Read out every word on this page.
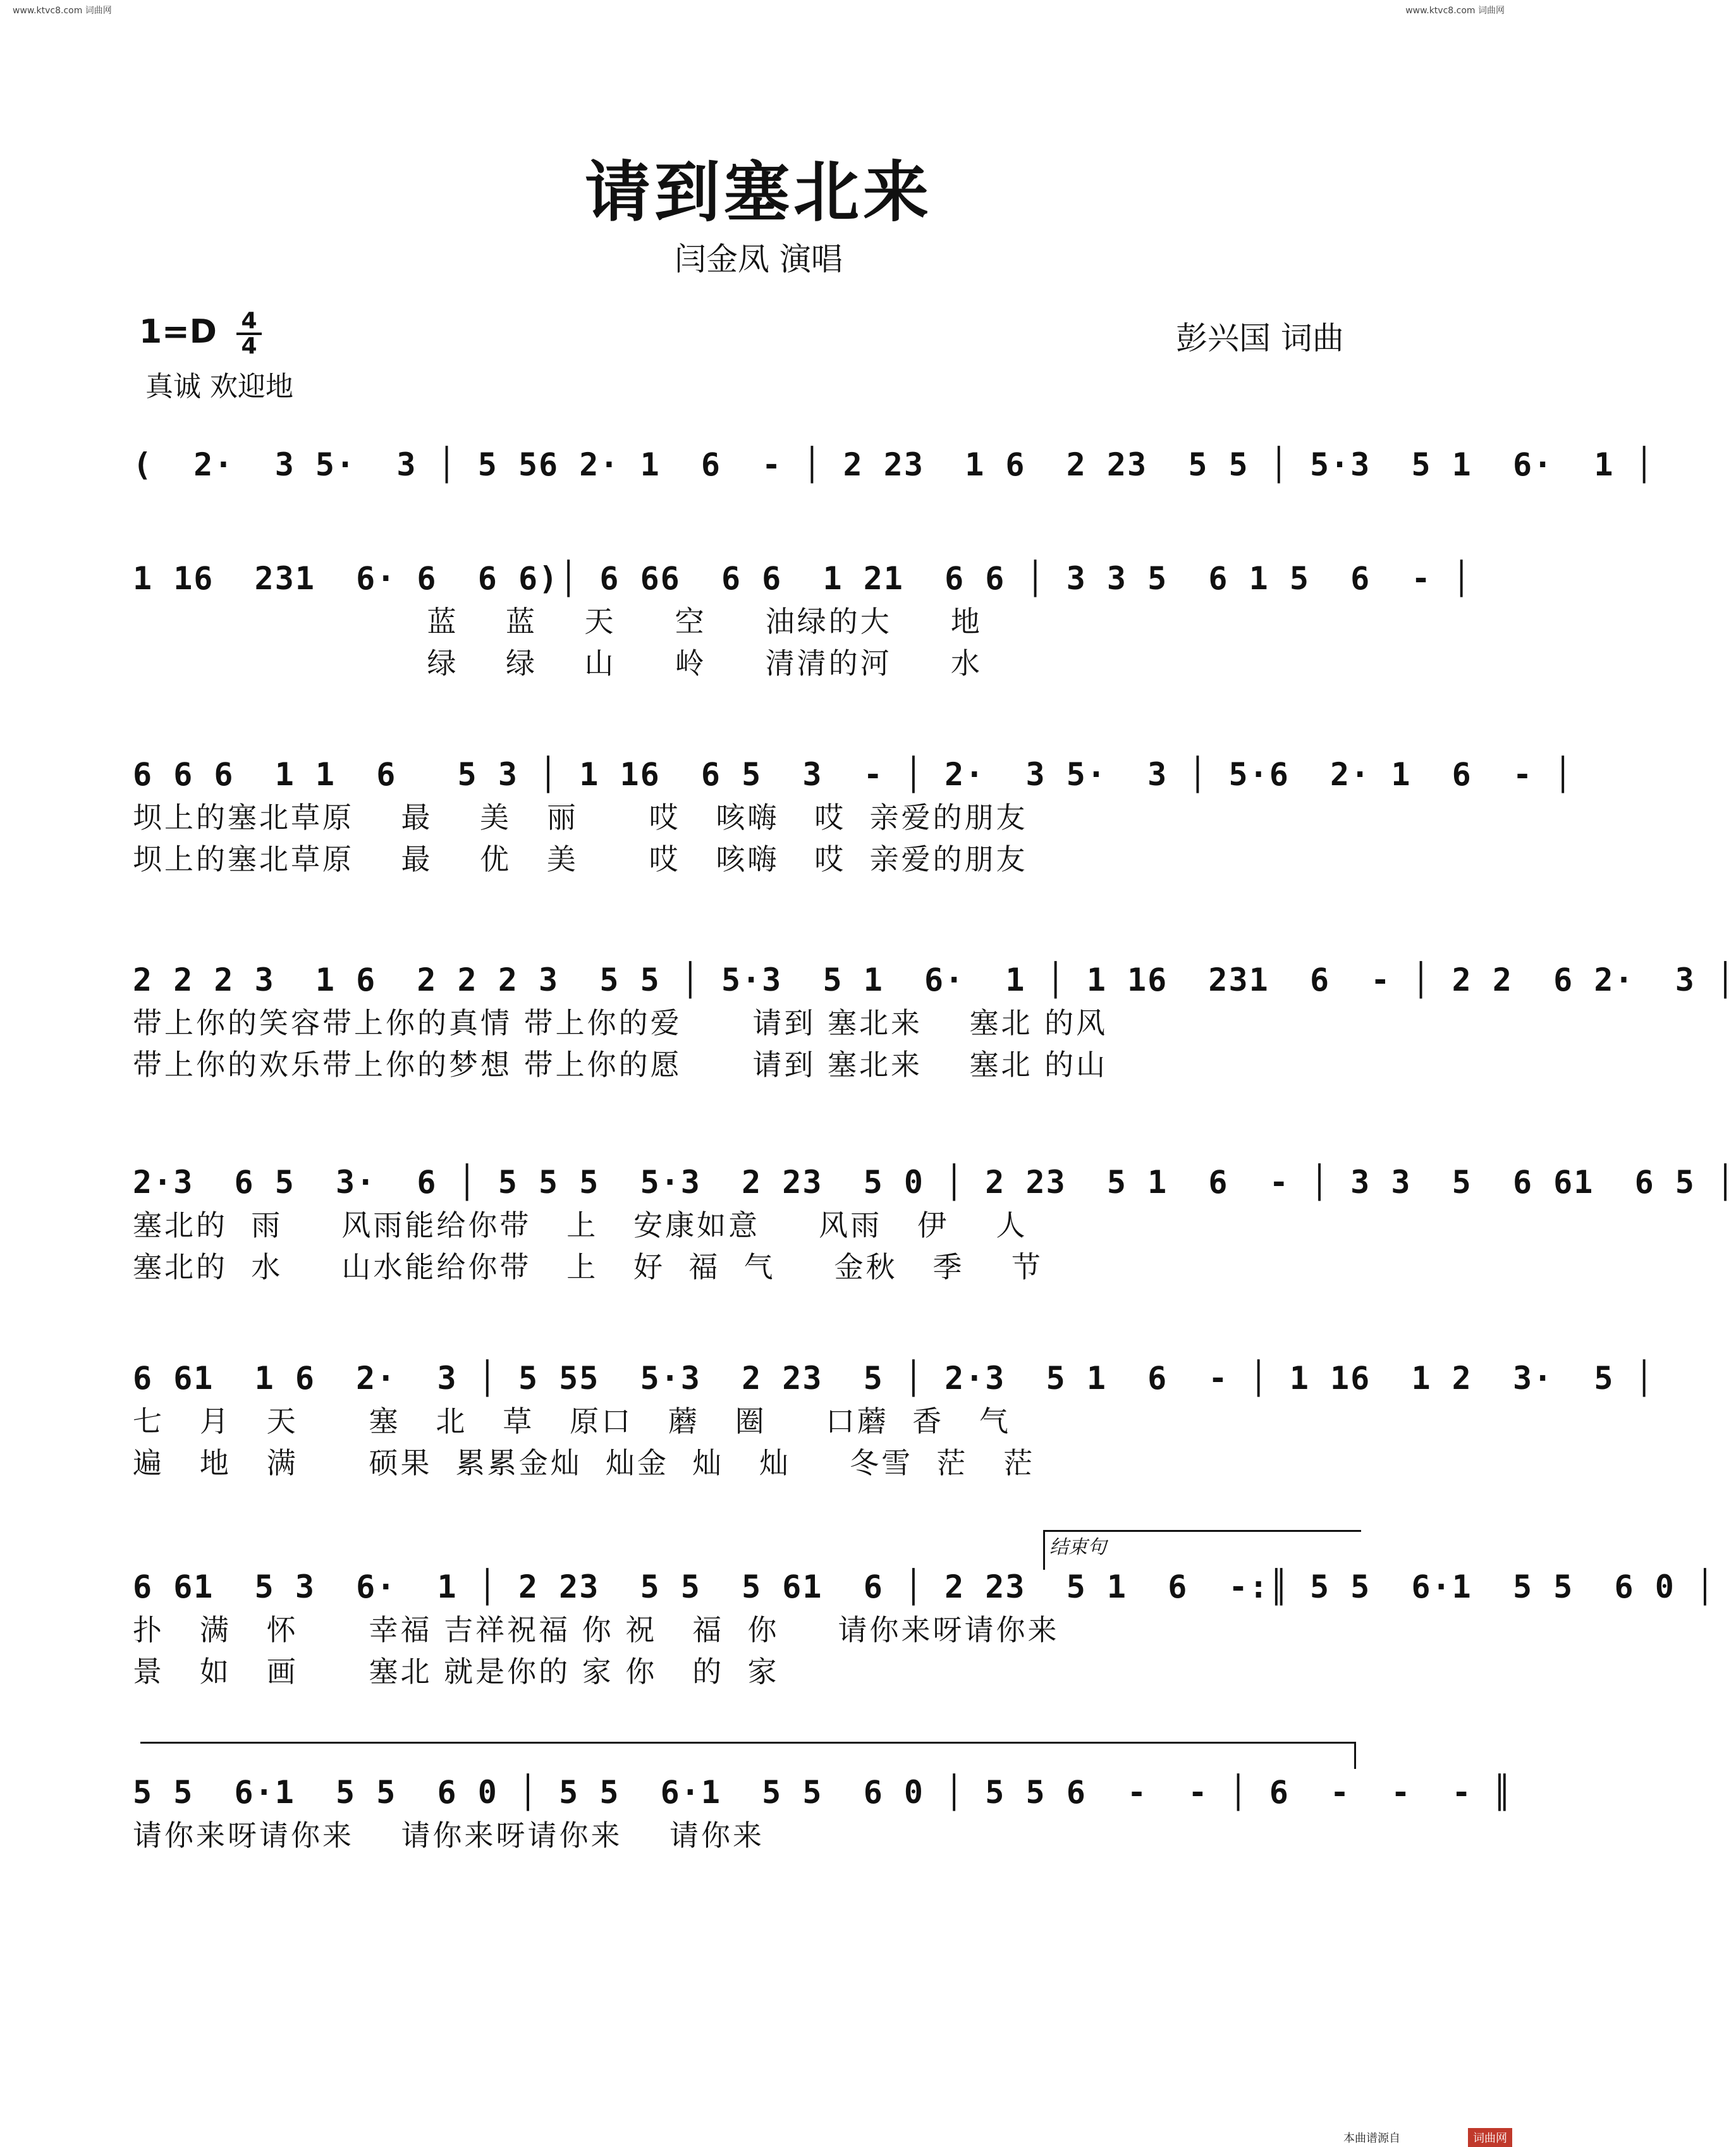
www.ktvc8.com 词曲网	www.ktvc8.com 词曲网
请到塞北来
闫金凤 演唱
1=D 4
4
真诚 欢迎地
彭兴国 词曲
(  2·  3 5·  3 │ 5 56 2· 1  6  - │ 2 23  1 6  2 23  5 5 │ 5·3  5 1  6·  1 │
1 16  231  6· 6  6 6)│ 6 66  6 6  1 21  6 6 │ 3 3 5  6 1 5  6  - │
蓝    蓝    天     空     油绿的大     地
绿    绿    山     岭     清清的河     水
6 6 6  1 1  6   5 3 │ 1 16  6 5  3  - │ 2·  3 5·  3 │ 5·6  2· 1  6  - │
坝上的塞北草原    最    美   丽      哎   咳嗨   哎  亲爱的朋友
坝上的塞北草原    最    优   美      哎   咳嗨   哎  亲爱的朋友
2 2 2 3  1 6  2 2 2 3  5 5 │ 5·3  5 1  6·  1 │ 1 16  231  6  - │ 2 2  6 2·  3 │
带上你的笑容带上你的真情 带上你的爱      请到 塞北来    塞北 的风
带上你的欢乐带上你的梦想 带上你的愿      请到 塞北来    塞北 的山
2·3  6 5  3·  6 │ 5 5 5  5·3  2 23  5 0 │ 2 23  5 1  6  - │ 3 3  5  6 61  6 5 │
塞北的  雨     风雨能给你带   上   安康如意     风雨   伊    人
塞北的  水     山水能给你带   上   好  福  气     金秋   季    节
6 61  1 6  2·  3 │ 5 55  5·3  2 23  5 │ 2·3  5 1  6  - │ 1 16  1 2  3·  5 │
七   月   天      塞   北   草   原口   蘑   圈     口蘑  香   气
遍   地   满      硕果  累累金灿  灿金  灿   灿     冬雪  茫   茫
结束句
6 61  5 3  6·  1 │ 2 23  5 5  5 61  6 │ 2 23  5 1  6  -:║ 5 5  6·1  5 5  6 0 │
扑   满   怀      幸福 吉祥祝福 你 祝   福  你     请你来呀请你来
景   如   画      塞北 就是你的 家 你   的  家
5 5  6·1  5 5  6 0 │ 5 5  6·1  5 5  6 0 │ 5 5 6  -  - │ 6  -  -  - ║
请你来呀请你来    请你来呀请你来    请你来
本曲谱源自	词曲网
